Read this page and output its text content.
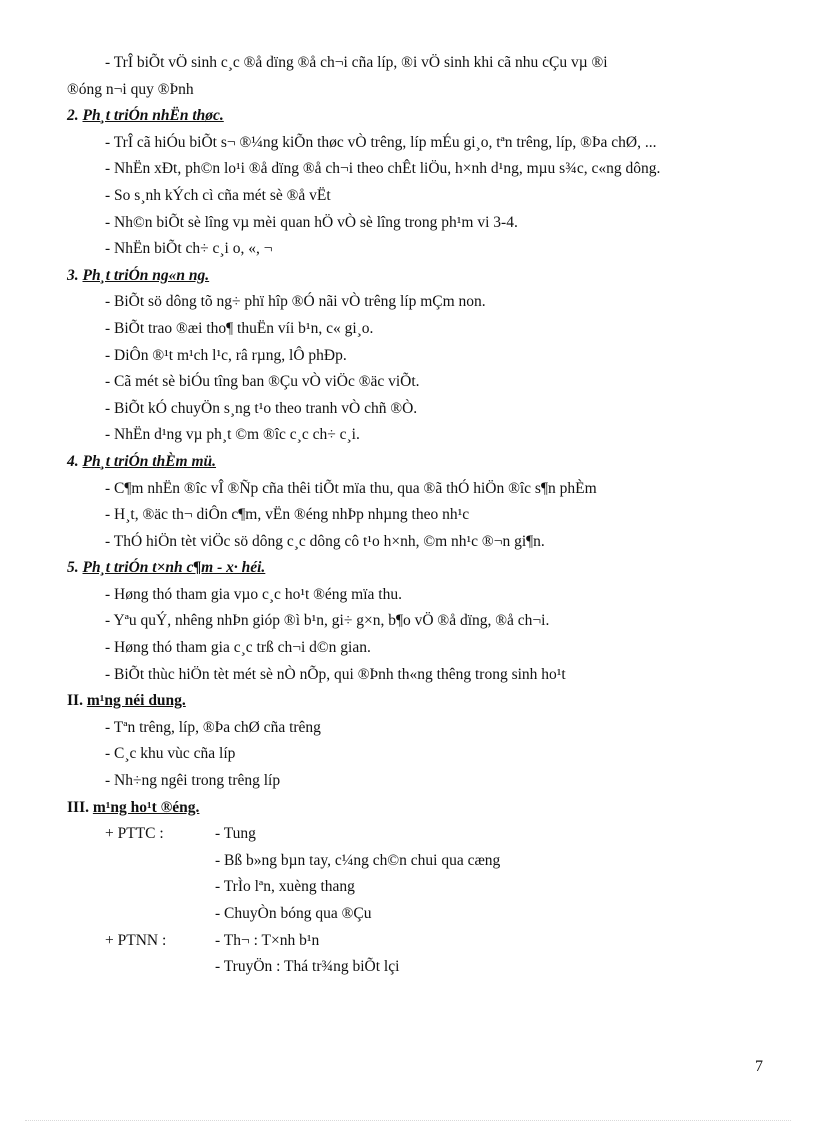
- TrÎ biÕt vÖ sinh c¸c ®å dïng ®å ch¬i cña líp, ®i vÖ sinh khi cã nhu cÇu vµ ®i

®óng n¬i quy ®Þnh

2. Ph¸t triÓn nhËn thøc.

- TrÎ cã hiÓu biÕt s¬ ®¼ng kiÕn thøc vÒ trêng, líp mÉu gi¸o, tªn trêng, líp, ®Þa chØ, ...

- NhËn xÐt, ph©n lo¹i ®å dïng ®å ch¬i theo chÊt liÖu, h×nh d¹ng, mµu s¾c, c«ng dông.

- So s¸nh kÝch cì cña mét sè ®å vËt

- Nh©n biÕt sè lîng vµ mèi quan hÖ vÒ sè lîng trong ph¹m vi 3-4.

- NhËn biÕt ch÷ c¸i o, «, ¬

3. Ph¸t triÓn ng«n ng.

- BiÕt sö dông tõ ng÷ phï hîp ®Ó nãi vÒ trêng líp mÇm non.

- BiÕt trao ®æi tho¶ thuËn víi b¹n, c« gi¸o.

- DiÔn ®¹t m¹ch l¹c, râ rµng, lÔ phÐp.

- Cã mét sè biÓu tîng ban ®Çu vÒ viÖc ®äc viÕt.

- BiÕt kÓ chuyÖn s¸ng t¹o theo tranh vÒ chñ ®Ò.

- NhËn d¹ng vµ ph¸t ©m ®îc c¸c ch÷ c¸i.

4. Ph¸t triÓn thÈm mü.

- C¶m nhËn ®îc vÎ ®Ñp cña thêi tiÕt mïa thu, qua ®ã thÓ hiÖn ®îc s¶n phÈm

- H¸t, ®äc th¬ diÔn c¶m, vËn ®éng nhÞp nhµng theo nh¹c

- ThÓ hiÖn tèt viÖc sö dông c¸c dông cô t¹o h×nh, ©m nh¹c ®¬n gi¶n.

5. Ph¸t triÓn t×nh c¶m - x· héi.

- Høng thó tham gia vµo c¸c ho¹t ®éng mïa thu.

- Yªu quÝ, nhêng nhÞn gióp ®ì b¹n, gi÷ g×n, b¶o vÖ ®å dïng, ®å ch¬i.

- Høng thó tham gia c¸c trß ch¬i d©n gian.

- BiÕt thùc hiÖn tèt mét sè nÒ nÕp, qui ®Þnh th«ng thêng trong sinh ho¹t

II. m¹ng néi dung.

- Tªn trêng, líp, ®Þa chØ cña trêng

- C¸c khu vùc cña líp

- Nh÷ng ngêi trong trêng líp

III. m¹ng ho¹t ®éng.

+ PTTC :	- Tung

- Bß b»ng bµn tay, c¼ng ch©n chui qua cæng

- TrÌo lªn, xuèng thang

- ChuyÒn bóng qua ®Çu

+ PTNN :	- Th¬ : T×nh b¹n

- TruyÖn : Thá tr¾ng biÕt lçi

7
